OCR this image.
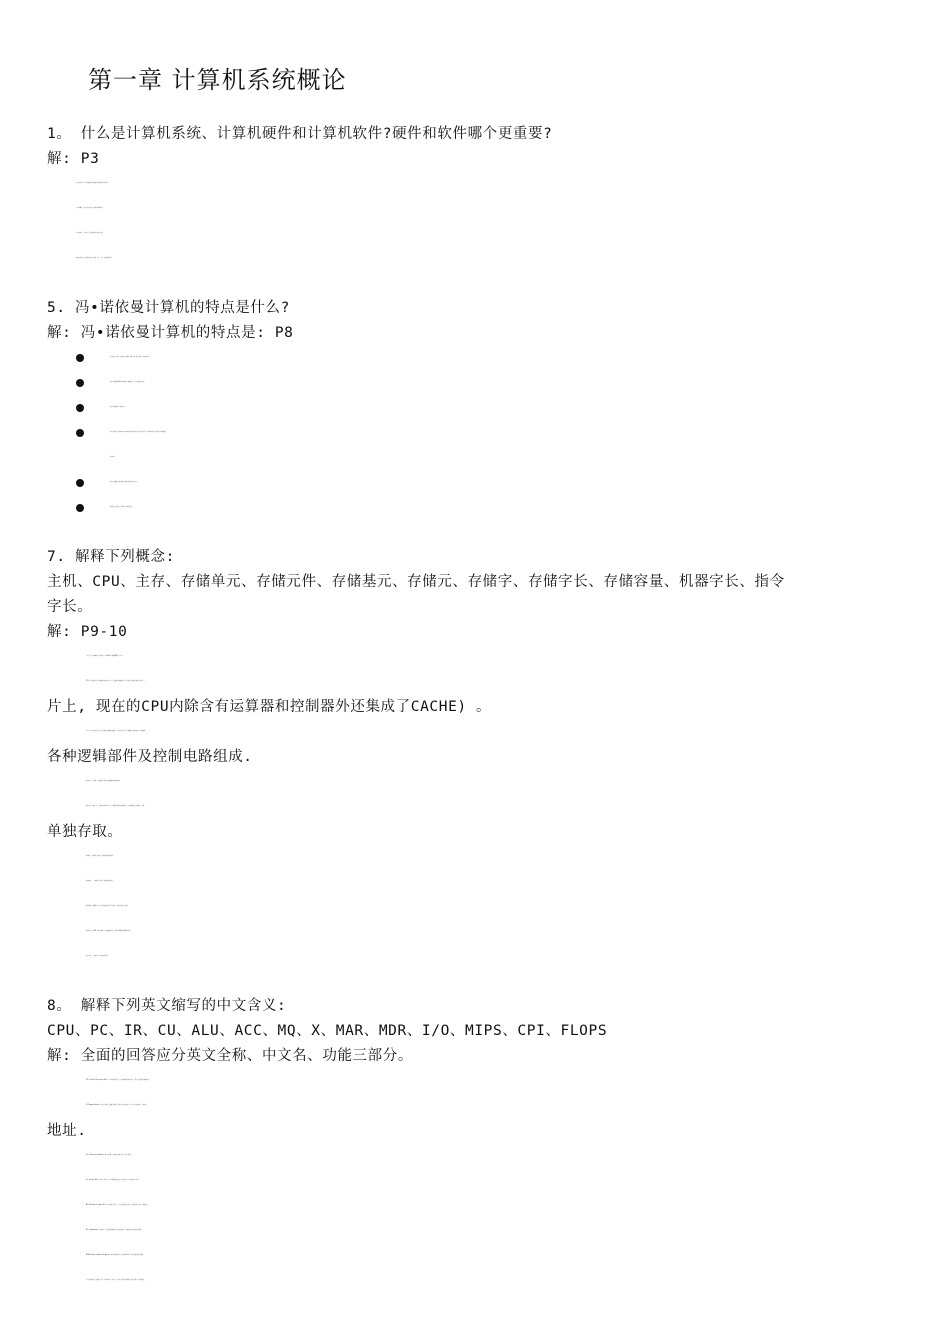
第一章 计算机系统概论
1。 什么是计算机系统、计算机硬件和计算机软件?硬件和软件哪个更重要?
解: P3
计算机系统: 由计算机硬件系统和软件系统组成的综合体。
计算机硬件: 指计算机中的电子线路和物理装置。
计算机软件: 计算机运行所需的程序及相关资料。
硬件和软件在计算机系统中相互依存, 缺一不可, 因此同样重要。
5. 冯•诺依曼计算机的特点是什么?
解: 冯•诺依曼计算机的特点是: P8
计算机由运算器、控制器、存储器、输入设备、输出设备五大部件组成;
指令和数据以同同等地位存放于存储器内, 并可以按地址访问;
指令和数据均用二进制表示;
指令由操作码、地址码两大部分组成,操作码用来表示操作的性质, 地址码用来表示操作数在存储器中
的位置;
指令在存储器中顺序存放,通常自动顺序取出执行;
机器以运算器为中心(原始冯•诺依曼机).
7. 解释下列概念:
主机、CPU、主存、存储单元、存储元件、存储基元、存储元、存储字、存储字长、存储容量、机器字长、指令
字长。
解: P9-10
主机: 是计算机硬件的主体部分, 由CPU和主存储器MM合成为主机。
CPU:中央处理器,是计算机硬件的核心部件, 由运算器和控制器组成; (早期的运算器和控制器不在同一芯
片上, 现在的CPU内除含有运算器和控制器外还集成了CACHE) 。
主存: 计算机中存放正在运行的程序和数据的存储器, 为计算机的主要工作存储器,可随机存取; 由存储体、
各种逻辑部件及控制电路组成.
存储单元: 可存放一个机器字并具有特定存储地址的存储单位。
存储元件: 存储一位二进制信息的物理元件, 是存储器中最小的存储单位, 又叫存储基元或存储元, 不能
单独存取。
存储字:一个存储单元所存二进制代码的逻辑单位。
存储字长: 一个存储单元所存二进制代码的位数。
存储容量: 存储器中可存二进制代码的总量; (通常主、辅存容量分开描述)。
机器字长: 指CPU一次能处理的二进制数据的位数, 通常与CPU的寄存器位数有关。
指令字长: 一条指令的二进制代码位数。
8。 解释下列英文缩写的中文含义:
CPU、PC、IR、CU、ALU、ACC、MQ、X、MAR、MDR、I/O、MIPS、CPI、FLOPS
解: 全面的回答应分英文全称、中文名、功能三部分。
CPU: Central Processing Unit, 中央处理机(器), 是计算机硬件的核心部件,主要由运算器和控制器组成。
PC:Program Counter, 程序计数器, 其功能是存放当前欲执行指令的地址, 并可自动计数形成下一条指令
地址.
IR: Instruction Register,指令寄存器, 其功能是存放当前正在执行的指令。
CU: Control Unit,控制单元(部件), 为控制器的核心部件, 其功能是产生微操作命令序列。
ALU: Arithmetic Logic Unit, 算术逻辑运算单元, 为运算器的核心部件, 其功能是进行算术、逻辑运算。
ACC: Accumulator, 累加器, 是运算器中既能存放运算前的操作数, 又能存放运算结果的寄存器。
MQ:Multiplier-Quotient Register, 乘商寄存器,乘法运算时存放乘数、除法时存放商的寄存器。
X: 此字母没有专指的缩写含义,可以用作任一部件名, 在此表示操作数寄存器, 即运算器中工作寄存器之
